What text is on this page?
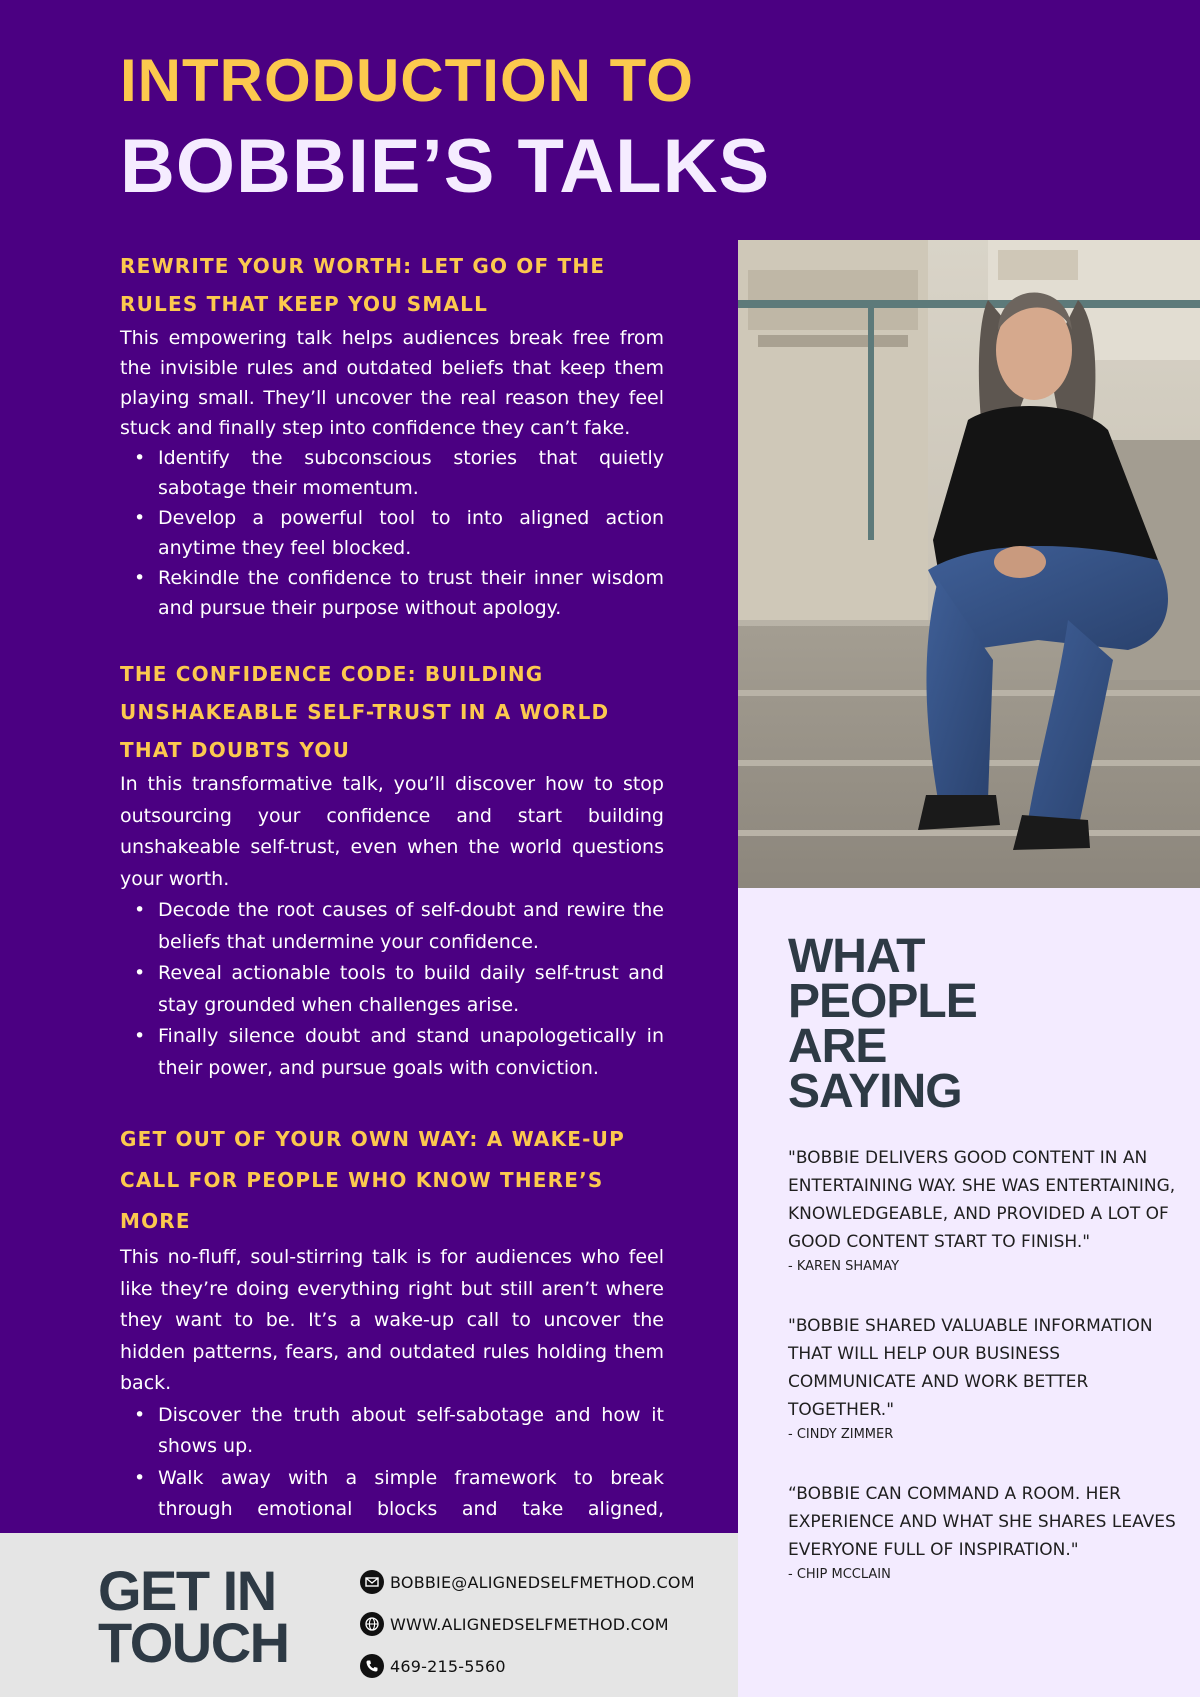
INTRODUCTION TO
BOBBIE’S TALKS
REWRITE YOUR WORTH: LET GO OF THE RULES THAT KEEP YOU SMALL

This empowering talk helps audiences break free from the invisible rules and outdated beliefs that keep them playing small. They’ll uncover the real reason they feel stuck and finally step into confidence they can’t fake.

• Identify the subconscious stories that quietly sabotage their momentum.
• Develop a powerful tool to into aligned action anytime they feel blocked.
• Rekindle the confidence to trust their inner wisdom and pursue their purpose without apology.
THE CONFIDENCE CODE: BUILDING UNSHAKEABLE SELF-TRUST IN A WORLD THAT DOUBTS YOU

In this transformative talk, you’ll discover how to stop outsourcing your confidence and start building unshakeable self-trust, even when the world questions your worth.

• Decode the root causes of self-doubt and rewire the beliefs that undermine your confidence.
• Reveal actionable tools to build daily self-trust and stay grounded when challenges arise.
• Finally silence doubt and stand unapologetically in their power, and pursue goals with conviction.
GET OUT OF YOUR OWN WAY: A WAKE-UP CALL FOR PEOPLE WHO KNOW THERE’S MORE

This no-fluff, soul-stirring talk is for audiences who feel like they’re doing everything right but still aren’t where they want to be. It’s a wake-up call to uncover the hidden patterns, fears, and outdated rules holding them back.

• Discover the truth about self-sabotage and how it shows up.
• Walk away with a simple framework to break through emotional blocks and take aligned,
WHAT
PEOPLE
ARE
SAYING

"BOBBIE DELIVERS GOOD CONTENT IN AN ENTERTAINING WAY. SHE WAS ENTERTAINING, KNOWLEDGEABLE, AND PROVIDED A LOT OF GOOD CONTENT START TO FINISH."

- KAREN SHAMAY

"BOBBIE SHARED VALUABLE INFORMATION THAT WILL HELP OUR BUSINESS COMMUNICATE AND WORK BETTER TOGETHER."

- CINDY ZIMMER

“BOBBIE CAN COMMAND A ROOM. HER EXPERIENCE AND WHAT SHE SHARES LEAVES EVERYONE FULL OF INSPIRATION."

- CHIP MCCLAIN

GET IN
TOUCH
BOBBIE@ALIGNEDSELFMETHOD.COM
WWW.ALIGNEDSELFMETHOD.COM
469-215-5560
